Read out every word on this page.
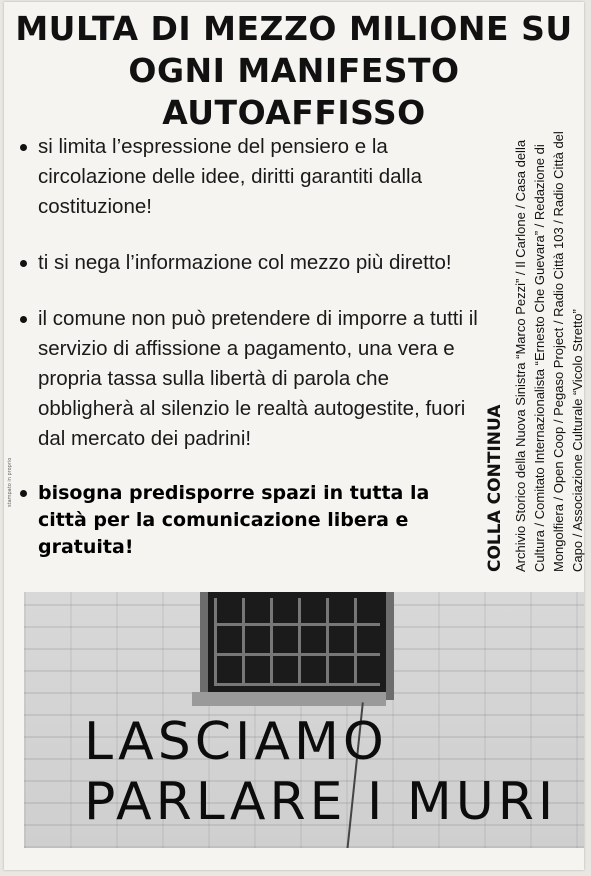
MULTA DI MEZZO MILIONE SU
OGNI MANIFESTO AUTOAFFISSO
si limita l’espressione del pensiero e la circolazione delle idee, diritti garantiti dalla costituzione!
ti si nega l’informazione col mezzo più diretto!
il comune non può pretendere di imporre a tutti il servizio di affissione a pagamento, una vera e propria tassa sulla libertà di parola che obbligherà al silenzio le realtà autogestite, fuori dal mercato dei padrini!
bisogna predisporre spazi in tutta la città per la comunicazione libera e gratuita!	COLLA CONTINUA Archivio Storico della Nuova Sinistra “Marco Pezzi” / Il Carlone / Casa della Cultura / Comitato Internazionalista “Ernesto Che Guevara” / Redazione di Mongolfiera / Open Coop / Pegaso Project / Radio Città 103 / Radio Città del Capo / Associazione Culturale “Vicolo Stretto”
stampato in proprio
LASCIAMO
PARLARE I MURI
